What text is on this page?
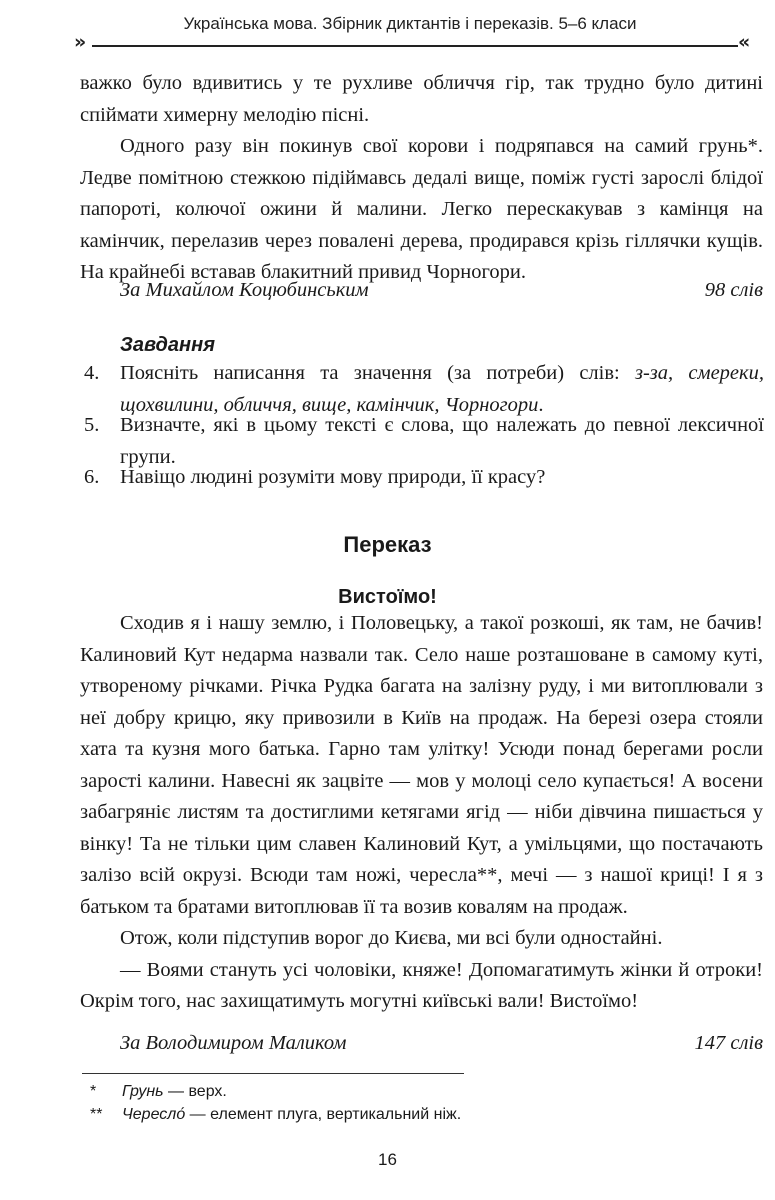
Українська мова. Збірник диктантів і переказів. 5–6 класи
»	«

важко було вдивитись у те рухливе обличчя гір, так трудно було дитині спіймати химерну мелодію пісні.

Одного разу він покинув свої корови і подряпався на самий грунь*. Ледве помітною стежкою підіймавсь дедалі вище, поміж густі зарослі блідої папороті, колючої ожини й малини. Легко перескакував з камінця на камінчик, перелазив через повалені дерева, продирався крізь гіллячки кущів. На крайнебі вставав блакитний привид Чорногори.

За Михайлом Коцюбинським	98 слів
Завдання
4. Поясніть написання та значення (за потреби) слів: з-за, смереки, щохвилини, обличчя, вище, камінчик, Чорногори.
5. Визначте, які в цьому тексті є слова, що належать до певної лексичної групи.
6. Навіщо людині розуміти мову природи, її красу?
Переказ
Вистоїмо!

Сходив я і нашу землю, і Половецьку, а такої розкоші, як там, не бачив! Калиновий Кут недарма назвали так. Село наше розташоване в самому куті, утвореному річками. Річка Рудка багата на залізну руду, і ми витоплювали з неї добру крицю, яку привозили в Київ на продаж. На березі озера стояли хата та кузня мого батька. Гарно там улітку! Усюди понад берегами росли зарості калини. Навесні як зацвіте — мов у молоці село купається! А восени забагряніє листям та достиглими кетягами ягід — ніби дівчина пишається у вінку! Та не тільки цим славен Калиновий Кут, а умільцями, що постачають залізо всій окрузі. Всюди там ножі, чересла**, мечі — з нашої криці! І я з батьком та братами витоплював її та возив ковалям на продаж.

Отож, коли підступив ворог до Києва, ми всі були одностайні.

— Воями стануть усі чоловіки, княже! Допомагатимуть жінки й отроки! Окрім того, нас захищатимуть могутні київські вали! Вистоїмо!

За Володимиром Маликом	147 слів
* Грунь — верх.
** Чересло́ — елемент плуга, вертикальний ніж.
16
